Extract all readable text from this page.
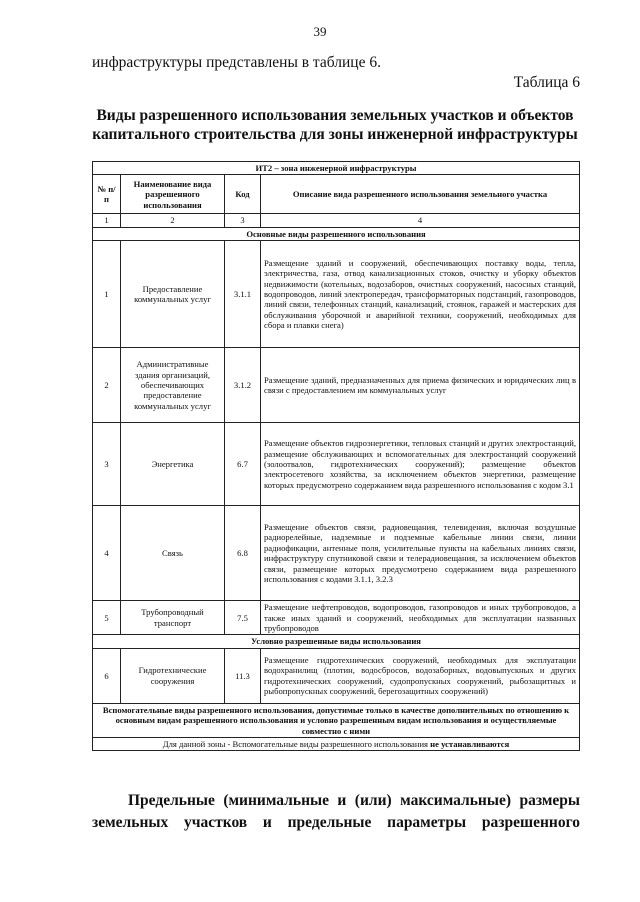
39
инфраструктуры представлены в таблице 6.
Таблица 6
Виды разрешенного использования земельных участков и объектов
капитального строительства для зоны инженерной инфраструктуры
ИТ2 – зона инженерной инфраструктуры			
№ п/п	Наименование вида разрешенного использования	Код	Описание вида разрешенного использования земельного участка
1	2	3	4
Основные виды разрешенного использования			
1	Предоставление коммунальных услуг	3.1.1	Размещение зданий и сооружений, обеспечивающих поставку воды, тепла, электричества, газа, отвод канализационных стоков, очистку и уборку объектов недвижимости (котельных, водозаборов, очистных сооружений, насосных станций, водопроводов, линий электропередач, трансформаторных подстанций, газопроводов, линий связи, телефонных станций, канализаций, стоянок, гаражей и мастерских для обслуживания уборочной и аварийной техники, сооружений, необходимых для сбора и плавки снега)
2	Административные здания организаций, обеспечивающих предоставление коммунальных услуг	3.1.2	Размещение зданий, предназначенных для приема физических и юридических лиц в связи с предоставлением им коммунальных услуг
3	Энергетика	6.7	Размещение объектов гидроэнергетики, тепловых станций и других электростанций, размещение обслуживающих и вспомогательных для электростанций сооружений (золоотвалов, гидротехнических сооружений); размещение объектов электросетевого хозяйства, за исключением объектов энергетики, размещение которых предусмотрено содержанием вида разрешенного использования с кодом 3.1
4	Связь	6.8	Размещение объектов связи, радиовещания, телевидения, включая воздушные радиорелейные, надземные и подземные кабельные линии связи, линии радиофикации, антенные поля, усилительные пункты на кабельных линиях связи, инфраструктуру спутниковой связи и телерадиовещания, за исключением объектов связи, размещение которых предусмотрено содержанием вида разрешенного использования с кодами 3.1.1, 3.2.3
5	Трубопроводный транспорт	7.5	Размещение нефтепроводов, водопроводов, газопроводов и иных трубопроводов, а также иных зданий и сооружений, необходимых для эксплуатации названных трубопроводов
Условно разрешенные виды использования			
6	Гидротехнические сооружения	11.3	Размещение гидротехнических сооружений, необходимых для эксплуатации водохранилищ (плотин, водосбросов, водозаборных, водовыпускных и других гидротехнических сооружений, судопропускных сооружений, рыбозащитных и рыбопропускных сооружений, берегозащитных сооружений)
Вспомогательные виды разрешенного использования, допустимые только в качестве дополнительных по отношению к основным видам разрешенного использования и условно разрешенным видам использования и осуществляемые совместно с ними			
Для данной зоны - Вспомогательные виды разрешенного использования не устанавливаются			
Предельные (минимальные и (или) максимальные) размеры
земельных участков и предельные параметры разрешенного
